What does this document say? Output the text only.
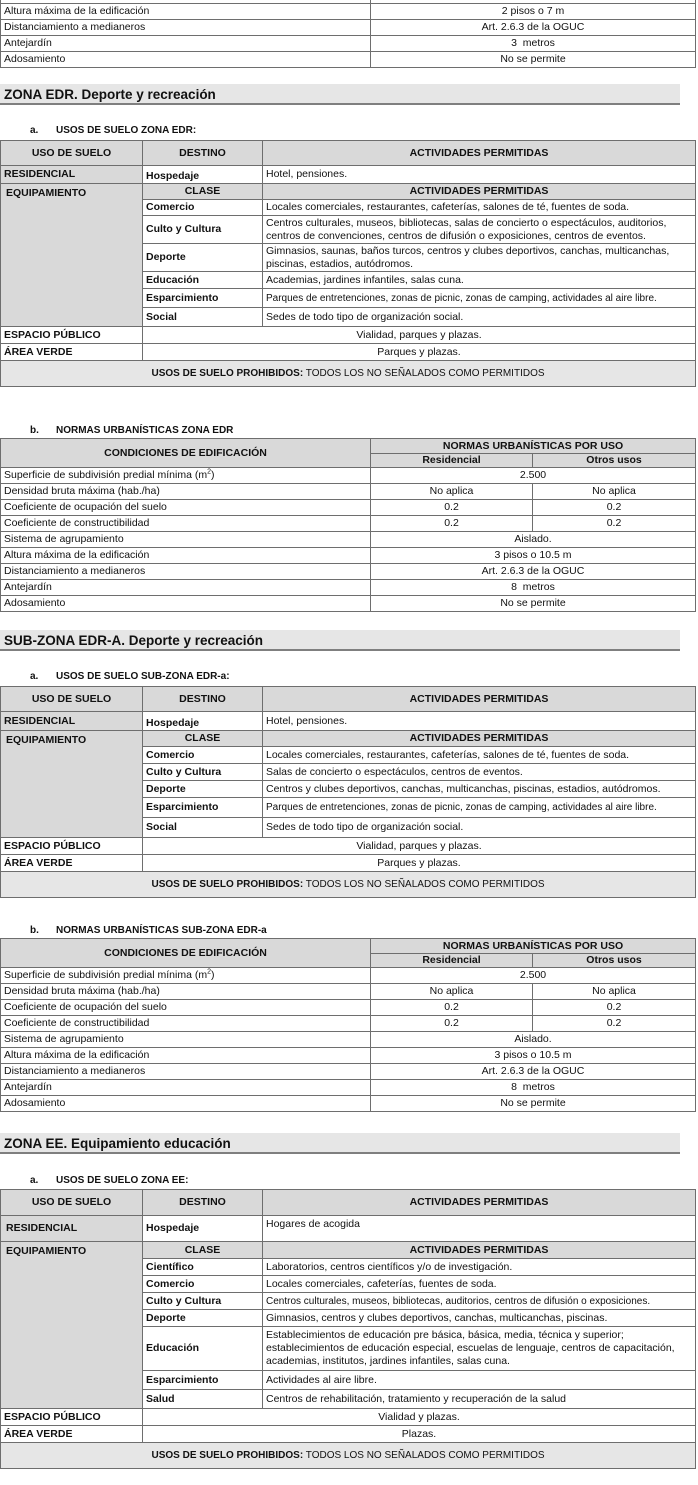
Altura máxima de la edificación	2 pisos o 7 m
Distanciamiento a medianeros	Art. 2.6.3 de la OGUC
Antejardín	3  metros
Adosamiento	No se permite
ZONA EDR. Deporte y recreación
a. USOS DE SUELO ZONA EDR:
USO DE SUELO	DESTINO	ACTIVIDADES PERMITIDAS
RESIDENCIAL	Hospedaje	Hotel, pensiones.
EQUIPAMIENTO	CLASE	ACTIVIDADES PERMITIDAS
	Comercio	Locales comerciales, restaurantes, cafeterías, salones de té, fuentes de soda.
	Culto y Cultura	Centros culturales, museos, bibliotecas, salas de concierto o espectáculos, auditorios, centros de convenciones, centros de difusión o exposiciones, centros de eventos.
	Deporte	Gimnasios, saunas, baños turcos, centros y clubes deportivos, canchas, multicanchas, piscinas, estadios, autódromos.
	Educación	Academias, jardines infantiles, salas cuna.
	Esparcimiento	Parques de entretenciones, zonas de picnic, zonas de camping, actividades al aire libre.
	Social	Sedes de todo tipo de organización social.

ESPACIO PÚBLICO	Vialidad, parques y plazas.	
ÁREA VERDE	Parques y plazas.	
USOS DE SUELO PROHIBIDOS: TODOS LOS NO SEÑALADOS COMO PERMITIDOS		
b. NORMAS URBANÍSTICAS ZONA EDR
CONDICIONES DE EDIFICACIÓN	NORMAS URBANÍSTICAS POR USO	
	Residencial	Otros usos
Superficie de subdivisión predial mínima $(m^2)$	2.500	
Densidad bruta máxima (hab./ha)	No aplica	No aplica
Coeficiente de ocupación del suelo	0.2	0.2
Coeficiente de constructibilidad	0.2	0.2
Sistema de agrupamiento	Aislado.	
Altura máxima de la edificación	3 pisos o 10.5 m	
Distanciamiento a medianeros	Art. 2.6.3 de la OGUC	
Antejardín	8  metros	
Adosamiento	No se permite	
SUB-ZONA EDR-A. Deporte y recreación
a. USOS DE SUELO SUB-ZONA EDR-a:
USO DE SUELO	DESTINO	ACTIVIDADES PERMITIDAS
RESIDENCIAL	Hospedaje	Hotel, pensiones.
EQUIPAMIENTO	CLASE	ACTIVIDADES PERMITIDAS
	Comercio	Locales comerciales, restaurantes, cafeterías, salones de té, fuentes de soda.
	Culto y Cultura	Salas de concierto o espectáculos, centros de eventos.
	Deporte	Centros y clubes deportivos, canchas, multicanchas, piscinas, estadios, autódromos.
	Esparcimiento	Parques de entretenciones, zonas de picnic, zonas de camping, actividades al aire libre.
	Social	Sedes de todo tipo de organización social.

ESPACIO PÚBLICO	Vialidad, parques y plazas.	
ÁREA VERDE	Parques y plazas.	
USOS DE SUELO PROHIBIDOS: TODOS LOS NO SEÑALADOS COMO PERMITIDOS		
b. NORMAS URBANÍSTICAS SUB-ZONA EDR-a
CONDICIONES DE EDIFICACIÓN	NORMAS URBANÍSTICAS POR USO	
	Residencial	Otros usos
Superficie de subdivisión predial mínima $(m^2)$	2.500	
Densidad bruta máxima (hab./ha)	No aplica	No aplica
Coeficiente de ocupación del suelo	0.2	0.2
Coeficiente de constructibilidad	0.2	0.2
Sistema de agrupamiento	Aislado.	
Altura máxima de la edificación	3 pisos o 10.5 m	
Distanciamiento a medianeros	Art. 2.6.3 de la OGUC	
Antejardín	8  metros	
Adosamiento	No se permite	
ZONA EE. Equipamiento educación
a. USOS DE SUELO ZONA EE:
USO DE SUELO	DESTINO	ACTIVIDADES PERMITIDAS
RESIDENCIAL	Hospedaje	Hogares de acogida
EQUIPAMIENTO	CLASE	ACTIVIDADES PERMITIDAS
	Científico	Laboratorios, centros científicos y/o de investigación.
	Comercio	Locales comerciales, cafeterías, fuentes de soda.
	Culto y Cultura	Centros culturales, museos, bibliotecas, auditorios, centros de difusión o exposiciones.
	Deporte	Gimnasios, centros y clubes deportivos, canchas, multicanchas, piscinas.
	Educación	Establecimientos de educación pre básica, básica, media, técnica y superior; establecimientos de educación especial, escuelas de lenguaje, centros de capacitación, academias, institutos, jardines infantiles, salas cuna.
	Esparcimiento	Actividades al aire libre.
	Salud	Centros de rehabilitación, tratamiento y recuperación de la salud

ESPACIO PÚBLICO	Vialidad y plazas.	
ÁREA VERDE	Plazas.	
USOS DE SUELO PROHIBIDOS: TODOS LOS NO SEÑALADOS COMO PERMITIDOS		
